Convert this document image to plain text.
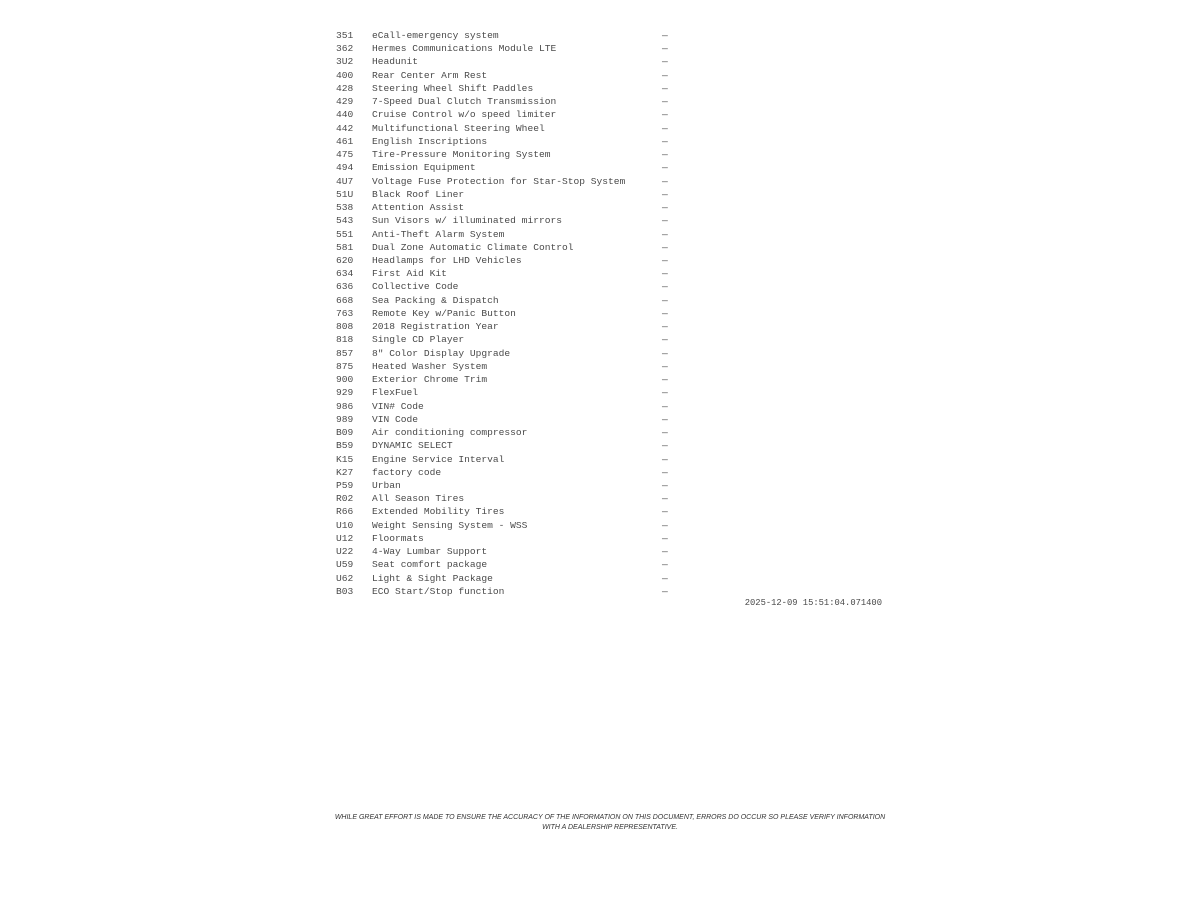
351 eCall-emergency system	—
362 Hermes Communications Module LTE	—
3U2 Headunit	—
400 Rear Center Arm Rest	—
428 Steering Wheel Shift Paddles	—
429 7-Speed Dual Clutch Transmission	—
440 Cruise Control w/o speed limiter	—
442 Multifunctional Steering Wheel	—
461 English Inscriptions	—
475 Tire-Pressure Monitoring System	—
494 Emission Equipment	—
4U7 Voltage Fuse Protection for Star-Stop System	—
51U Black Roof Liner	—
538 Attention Assist	—
543 Sun Visors w/ illuminated mirrors	—
551 Anti-Theft Alarm System	—
581 Dual Zone Automatic Climate Control	—
620 Headlamps for LHD Vehicles	—
634 First Aid Kit	—
636 Collective Code	—
668 Sea Packing & Dispatch	—
763 Remote Key w/Panic Button	—
808 2018 Registration Year	—
818 Single CD Player	—
857 8" Color Display Upgrade	—
875 Heated Washer System	—
900 Exterior Chrome Trim	—
929 FlexFuel	—
986 VIN# Code	—
989 VIN Code	—
B09 Air conditioning compressor	—
B59 DYNAMIC SELECT	—
K15 Engine Service Interval	—
K27 factory code	—
P59 Urban	—
R02 All Season Tires	—
R66 Extended Mobility Tires	—
U10 Weight Sensing System - WSS	—
U12 Floormats	—
U22 4-Way Lumbar Support	—
U59 Seat comfort package	—
U62 Light & Sight Package	—
B03 ECO Start/Stop function	—
2025-12-09 15:51:04.071400
WHILE GREAT EFFORT IS MADE TO ENSURE THE ACCURACY OF THE INFORMATION ON THIS DOCUMENT, ERRORS DO OCCUR SO PLEASE VERIFY INFORMATION WITH A DEALERSHIP REPRESENTATIVE.
